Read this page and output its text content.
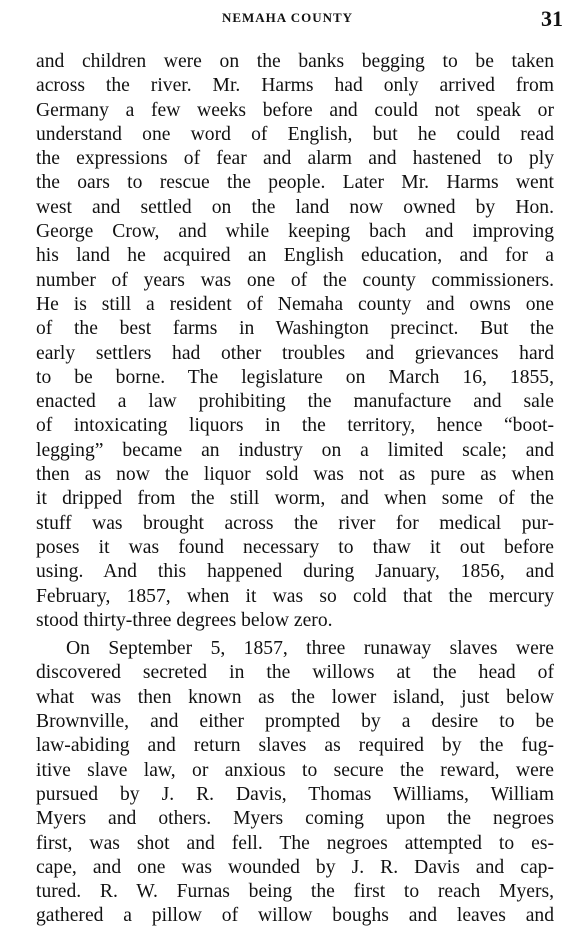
NEMAHA COUNTY	31
and children were on the banks begging to be taken
across the river. Mr. Harms had only arrived from
Germany a few weeks before and could not speak or
understand one word of English, but he could read
the expressions of fear and alarm and hastened to ply
the oars to rescue the people. Later Mr. Harms went
west and settled on the land now owned by Hon.
George Crow, and while keeping bach and improving
his land he acquired an English education, and for a
number of years was one of the county commissioners.
He is still a resident of Nemaha county and owns one
of the best farms in Washington precinct. But the
early settlers had other troubles and grievances hard
to be borne. The legislature on March 16, 1855,
enacted a law prohibiting the manufacture and sale
of intoxicating liquors in the territory, hence “boot-
legging” became an industry on a limited scale; and
then as now the liquor sold was not as pure as when
it dripped from the still worm, and when some of the
stuff was brought across the river for medical pur-
poses it was found necessary to thaw it out before
using. And this happened during January, 1856, and
February, 1857, when it was so cold that the mercury
stood thirty-three degrees below zero.
On September 5, 1857, three runaway slaves were
discovered secreted in the willows at the head of
what was then known as the lower island, just below
Brownville, and either prompted by a desire to be
law-abiding and return slaves as required by the fug-
itive slave law, or anxious to secure the reward, were
pursued by J. R. Davis, Thomas Williams, William
Myers and others. Myers coming upon the negroes
first, was shot and fell. The negroes attempted to es-
cape, and one was wounded by J. R. Davis and cap-
tured. R. W. Furnas being the first to reach Myers,
gathered a pillow of willow boughs and leaves and
